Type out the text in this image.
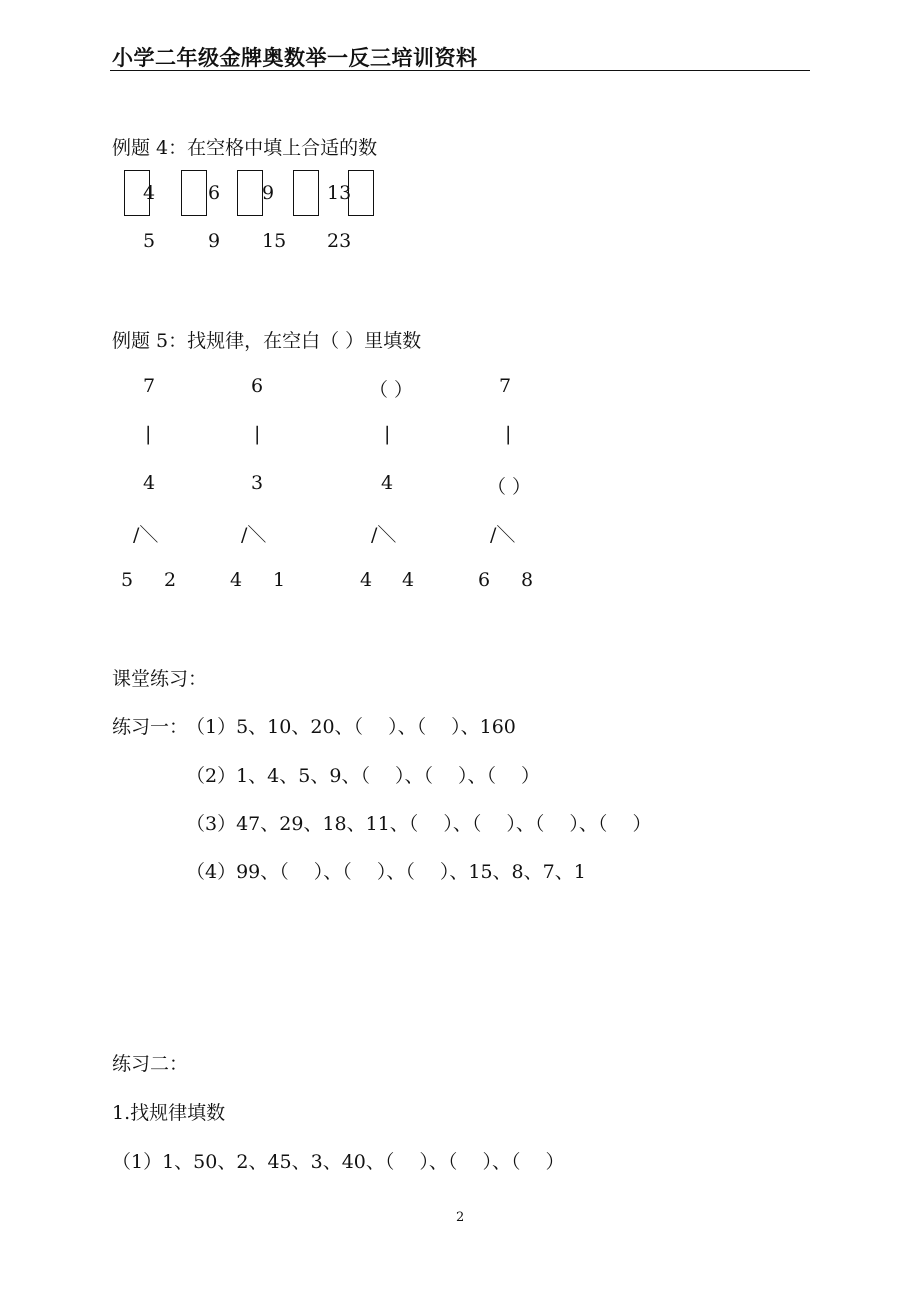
小学二年级金牌奥数举一反三培训资料
例题 4：在空格中填上合适的数
4	6 9	13
5	9 15 23
例题 5：找规律，在空白（ ）里填数
7
|
4
/＼
5 2
6
|
3
/＼
4 1
（ ）
|
4
/＼
4 4
7
|
（ ）
/＼
6 8
课堂练习：
练习一：
（1）5、10、20、（　 ）、（　 ）、160
（2）1、4、5、9、（　 ）、（　 ）、（　 ）
（3）47、29、18、11、（　 ）、（　 ）、（　 ）、（　 ）
（4）99、（　 ）、（　 ）、（　 ）、15、8、7、1
练习二：
1.找规律填数
（1）1、50、2、45、3、40、（　 ）、（　 ）、（　 ）
2
